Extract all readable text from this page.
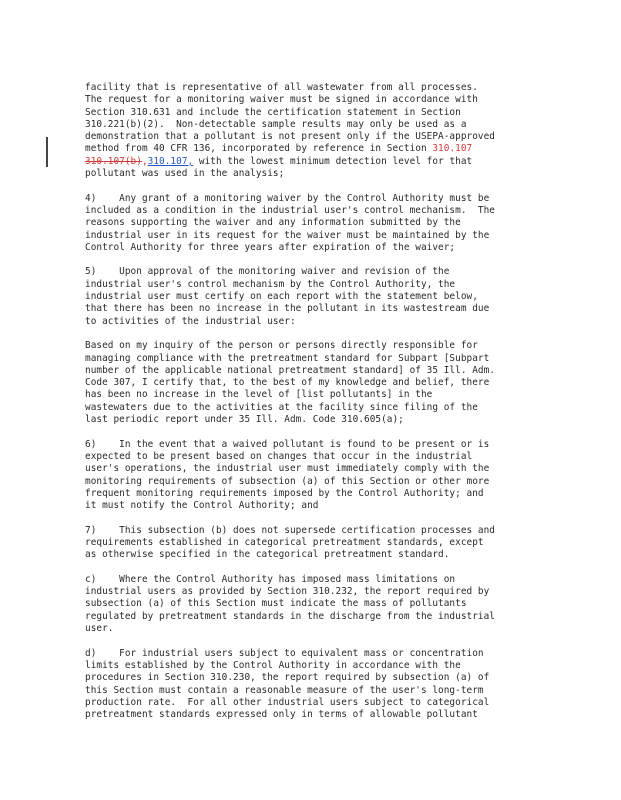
facility that is representative of all wastewater from all processes.
The request for a monitoring waiver must be signed in accordance with
Section 310.631 and include the certification statement in Section
310.221(b)(2).  Non-detectable sample results may only be used as a
demonstration that a pollutant is not present only if the USEPA-approved
method from 40 CFR 136, incorporated by reference in Section 310.107
310.107(b),310.107, with the lowest minimum detection level for that
pollutant was used in the analysis;
4)    Any grant of a monitoring waiver by the Control Authority must be
included as a condition in the industrial user's control mechanism.  The
reasons supporting the waiver and any information submitted by the
industrial user in its request for the waiver must be maintained by the
Control Authority for three years after expiration of the waiver;
5)    Upon approval of the monitoring waiver and revision of the
industrial user's control mechanism by the Control Authority, the
industrial user must certify on each report with the statement below,
that there has been no increase in the pollutant in its wastestream due
to activities of the industrial user:
Based on my inquiry of the person or persons directly responsible for
managing compliance with the pretreatment standard for Subpart [Subpart
number of the applicable national pretreatment standard] of 35 Ill. Adm.
Code 307, I certify that, to the best of my knowledge and belief, there
has been no increase in the level of [list pollutants] in the
wastewaters due to the activities at the facility since filing of the
last periodic report under 35 Ill. Adm. Code 310.605(a);
6)    In the event that a waived pollutant is found to be present or is
expected to be present based on changes that occur in the industrial
user's operations, the industrial user must immediately comply with the
monitoring requirements of subsection (a) of this Section or other more
frequent monitoring requirements imposed by the Control Authority; and
it must notify the Control Authority; and
7)    This subsection (b) does not supersede certification processes and
requirements established in categorical pretreatment standards, except
as otherwise specified in the categorical pretreatment standard.
c)    Where the Control Authority has imposed mass limitations on
industrial users as provided by Section 310.232, the report required by
subsection (a) of this Section must indicate the mass of pollutants
regulated by pretreatment standards in the discharge from the industrial
user.
d)    For industrial users subject to equivalent mass or concentration
limits established by the Control Authority in accordance with the
procedures in Section 310.230, the report required by subsection (a) of
this Section must contain a reasonable measure of the user's long-term
production rate.  For all other industrial users subject to categorical
pretreatment standards expressed only in terms of allowable pollutant
